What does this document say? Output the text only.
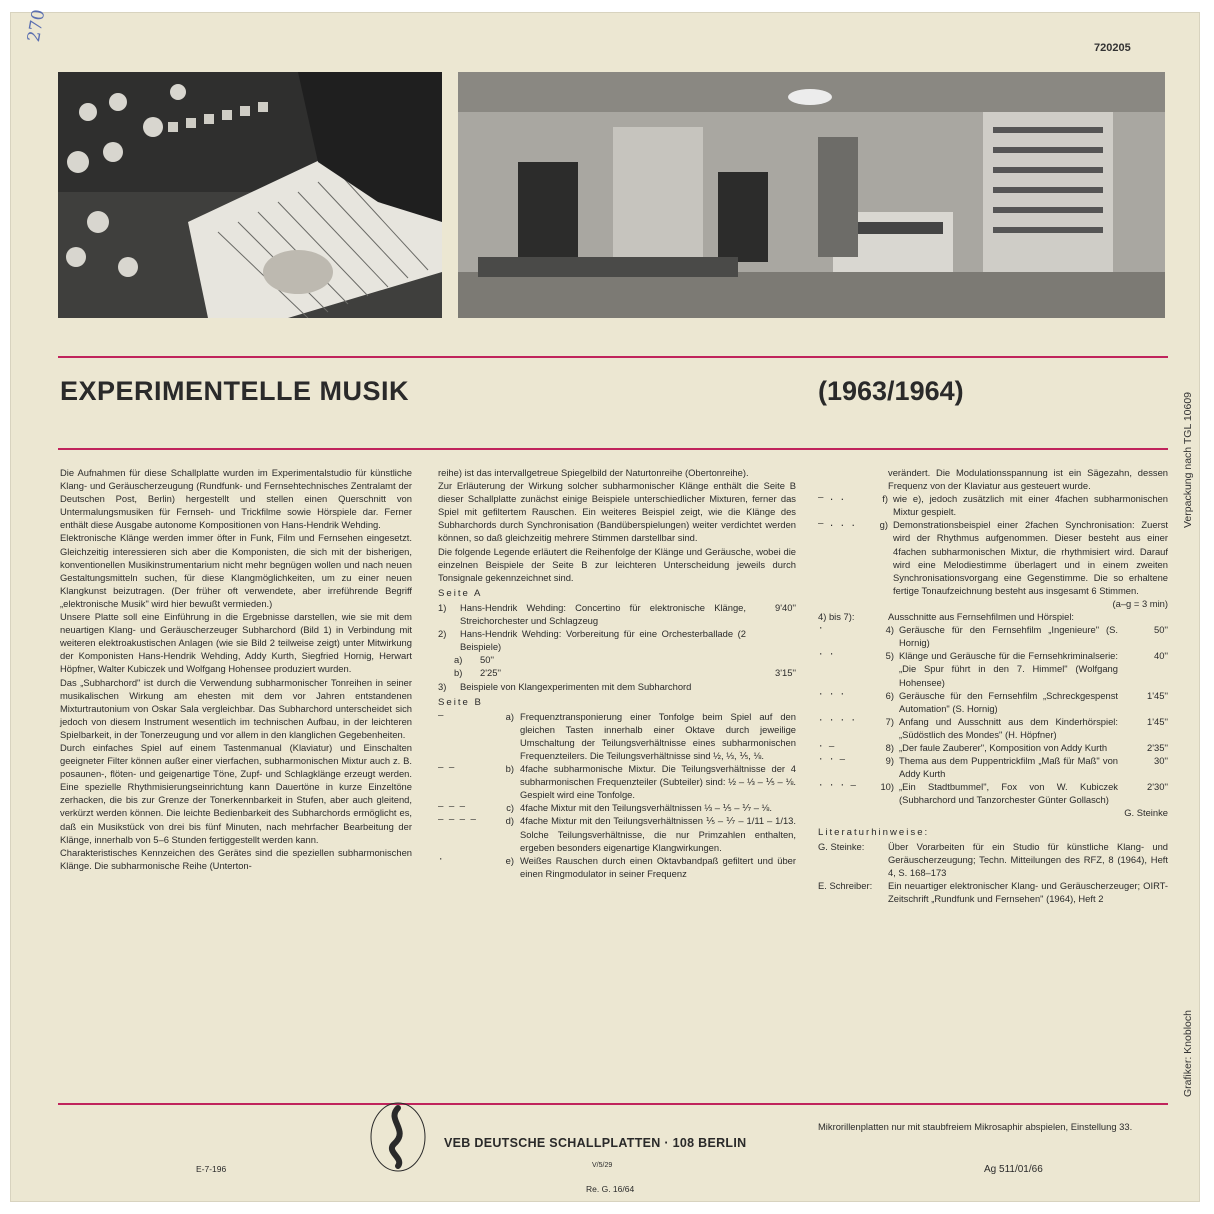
270
720205
EXPERIMENTELLE MUSIK	(1963/1964)
Verpackung nach TGL 10609
Grafiker: Knobloch

Die Aufnahmen für diese Schallplatte wurden im Experimentalstudio für künstliche Klang- und Geräuscherzeugung (Rundfunk- und Fernsehtechnisches Zentralamt der Deutschen Post, Berlin) hergestellt und stellen einen Querschnitt von Untermalungsmusiken für Fernseh- und Trickfilme sowie Hörspiele dar. Ferner enthält diese Ausgabe autonome Kompositionen von Hans-Hendrik Wehding.

Elektronische Klänge werden immer öfter in Funk, Film und Fernsehen eingesetzt. Gleichzeitig interessieren sich aber die Komponisten, die sich mit der bisherigen, konventionellen Musikinstrumentarium nicht mehr begnügen wollen und nach neuen Gestaltungsmitteln suchen, für diese Klangmöglichkeiten, um zu einer neuen Klangkunst beizutragen. (Der früher oft verwendete, aber irreführende Begriff „elektronische Musik" wird hier bewußt vermieden.)

Unsere Platte soll eine Einführung in die Ergebnisse darstellen, wie sie mit dem neuartigen Klang- und Geräuscherzeuger Subharchord (Bild 1) in Verbindung mit weiteren elektroakustischen Anlagen (wie sie Bild 2 teilweise zeigt) unter Mitwirkung der Komponisten Hans-Hendrik Wehding, Addy Kurth, Siegfried Hornig, Herwart Höpfner, Walter Kubiczek und Wolfgang Hohensee produziert wurden.

Das „Subharchord" ist durch die Verwendung subharmonischer Tonreihen in seiner musikalischen Wirkung am ehesten mit dem vor Jahren entstandenen Mixturtrautonium von Oskar Sala vergleichbar. Das Subharchord unterscheidet sich jedoch von diesem Instrument wesentlich im technischen Aufbau, in der leichteren Spielbarkeit, in der Tonerzeugung und vor allem in den klanglichen Gegebenheiten.

Durch einfaches Spiel auf einem Tastenmanual (Klaviatur) und Einschalten geeigneter Filter können außer einer vierfachen, subharmonischen Mixtur auch z. B. posaunen-, flöten- und geigenartige Töne, Zupf- und Schlagklänge erzeugt werden. Eine spezielle Rhythmisierungseinrichtung kann Dauertöne in kurze Einzeltöne zerhacken, die bis zur Grenze der Tonerkennbarkeit in Stufen, aber auch gleitend, verkürzt werden können. Die leichte Bedienbarkeit des Subharchords ermöglicht es, daß ein Musikstück von drei bis fünf Minuten, nach mehrfacher Bearbeitung der Klänge, innerhalb von 5–6 Stunden fertiggestellt werden kann.

Charakteristisches Kennzeichen des Gerätes sind die speziellen subharmonischen Klänge. Die subharmonische Reihe (Unterton-

reihe) ist das intervallgetreue Spiegelbild der Naturtonreihe (Obertonreihe).

Zur Erläuterung der Wirkung solcher subharmonischer Klänge enthält die Seite B dieser Schallplatte zunächst einige Beispiele unterschiedlicher Mixturen, ferner das Spiel mit gefiltertem Rauschen. Ein weiteres Beispiel zeigt, wie die Klänge des Subharchords durch Synchronisation (Bandüberspielungen) weiter verdichtet werden können, so daß gleichzeitig mehrere Stimmen darstellbar sind.

Die folgende Legende erläutert die Reihenfolge der Klänge und Geräusche, wobei die einzelnen Beispiele der Seite B zur leichteren Unterscheidung jeweils durch Tonsignale gekennzeichnet sind.

Seite A
1)	Hans-Hendrik Wehding: Concertino für elektronische Klänge, Streichorchester und Schlagzeug
9'40''
2)	Hans-Hendrik Wehding: Vorbereitung für eine Orchesterballade (2 Beispiele)
a)	50''
b)	2'25''	3'15''
3)	Beispiele von Klangexperimenten mit dem Subharchord
Seite B
–	a) Frequenztransponierung einer Tonfolge beim Spiel auf den gleichen Tasten innerhalb einer Oktave durch jeweilige Umschaltung der Teilungsverhältnisse eines subharmonischen Frequenzteilers. Die Teilungsverhältnisse sind ½, ⅓, ⅕, ⅛.
– –	b) 4fache subharmonische Mixtur. Die Teilungsverhältnisse der 4 subharmonischen Frequenzteiler (Subteiler) sind: ½ – ⅓ – ⅕ – ⅛. Gespielt wird eine Tonfolge.
– – –	c) 4fache Mixtur mit den Teilungsverhältnissen ⅓ – ⅕ – ⅐ – ⅛.
– – – –	d) 4fache Mixtur mit den Teilungsverhältnissen ⅕ – ⅐ – 1/11 – 1/13. Solche Teilungsverhältnisse, die nur Primzahlen enthalten, ergeben besonders eigenartige Klangwirkungen.
·	e) Weißes Rauschen durch einen Oktavbandpaß gefiltert und über einen Ringmodulator in seiner Frequenz

verändert. Die Modulationsspannung ist ein Sägezahn, dessen Frequenz von der Klaviatur aus gesteuert wurde.

– . .	f) wie e), jedoch zusätzlich mit einer 4fachen subharmonischen Mixtur gespielt.
– . . .	g) Demonstrationsbeispiel einer 2fachen Synchronisation: Zuerst wird der Rhythmus aufgenommen. Dieser besteht aus einer 4fachen subharmonischen Mixtur, die rhythmisiert wird. Darauf wird eine Melodiestimme überlagert und in einem zweiten Synchronisationsvorgang eine Gegenstimme. Die so erhaltene fertige Tonaufzeichnung besteht aus insgesamt 6 Stimmen.
(a–g = 3 min)
4) bis 7):	Ausschnitte aus Fernsehfilmen und Hörspiel:
·	4) Geräusche für den Fernsehfilm „Ingenieure" (S. Hornig)
50''
· ·	5) Klänge und Geräusche für die Fernsehkriminalserie: „Die Spur führt in den 7. Himmel" (Wolfgang Hohensee)
40''
· · ·	6) Geräusche für den Fernsehfilm „Schreckgespenst Automation" (S. Hornig)
1'45''
· · · ·	7) Anfang und Ausschnitt aus dem Kinderhörspiel: „Südöstlich des Mondes" (H. Höpfner)
1'45''
· –	8) „Der faule Zauberer", Komposition von Addy Kurth	2'35''
· · –	9) Thema aus dem Puppentrickfilm „Maß für Maß" von Addy Kurth
30''
· · · –	10) „Ein Stadtbummel", Fox von W. Kubiczek (Subharchord und Tanzorchester Günter Gollasch)
2'30''
G. Steinke
Literaturhinweise:
G. Steinke:	Über Vorarbeiten für ein Studio für künstliche Klang- und Geräuscherzeugung; Techn. Mitteilungen des RFZ, 8 (1964), Heft 4, S. 168–173
E. Schreiber:	Ein neuartiger elektronischer Klang- und Geräuscherzeuger; OIRT-Zeitschrift „Rundfunk und Fernsehen" (1964), Heft 2
E-7-196
VEB DEUTSCHE SCHALLPLATTEN · 108 BERLIN
V/5/29
Re. G. 16/64
Mikrorillenplatten nur mit staubfreiem Mikrosaphir abspielen, Einstellung 33.
Ag 511/01/66
